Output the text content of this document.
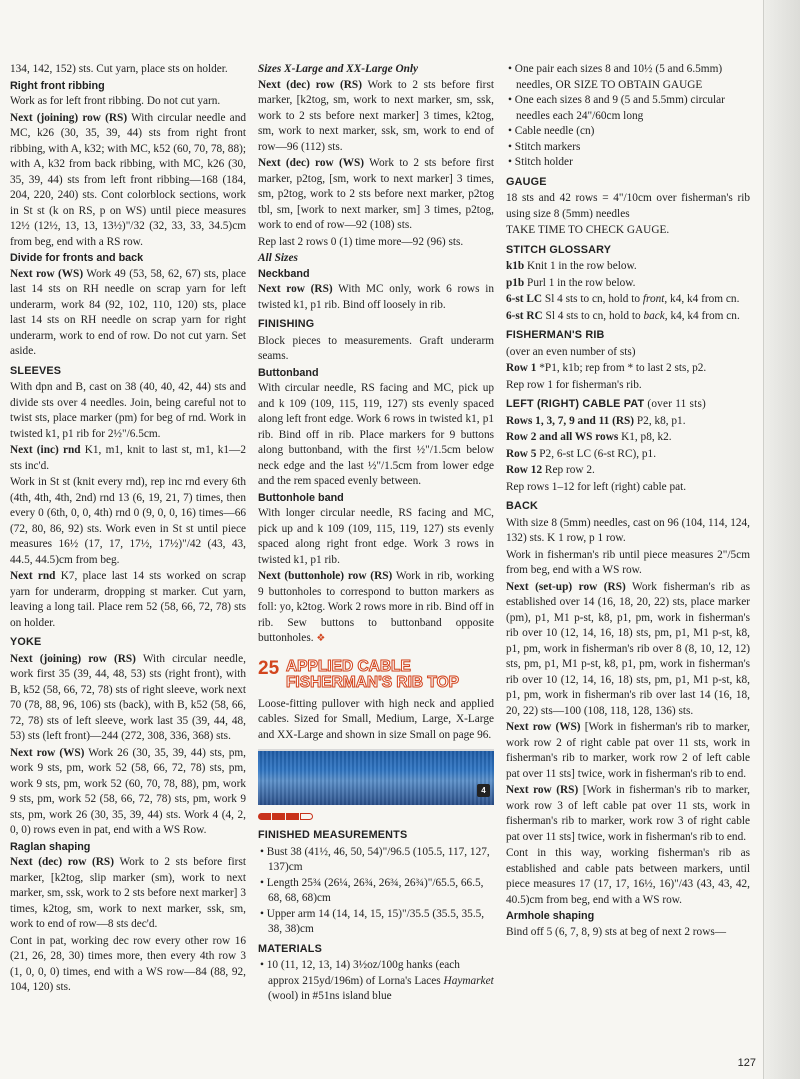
134, 142, 152) sts. Cut yarn, place sts on holder.

Right front ribbing

Work as for left front ribbing. Do not cut yarn.

Next (joining) row (RS) With circular needle and MC, k26 (30, 35, 39, 44) sts from right front ribbing, with A, k32; with MC, k52 (60, 70, 78, 88); with A, k32 from back ribbing, with MC, k26 (30, 35, 39, 44) sts from left front ribbing—168 (184, 204, 220, 240) sts. Cont colorblock sections, work in St st (k on RS, p on WS) until piece measures 12½ (12½, 13, 13, 13½)"/32 (32, 33, 33, 34.5)cm from beg, end with a RS row.

Divide for fronts and back

Next row (WS) Work 49 (53, 58, 62, 67) sts, place last 14 sts on RH needle on scrap yarn for left underarm, work 84 (92, 102, 110, 120) sts, place last 14 sts on RH needle on scrap yarn for right underarm, work to end of row. Do not cut yarn. Set aside.

SLEEVES

With dpn and B, cast on 38 (40, 40, 42, 44) sts and divide sts over 4 needles. Join, being careful not to twist sts, place marker (pm) for beg of rnd. Work in twisted k1, p1 rib for 2½"/6.5cm.

Next (inc) rnd K1, m1, knit to last st, m1, k1—2 sts inc'd.

Work in St st (knit every rnd), rep inc rnd every 6th (4th, 4th, 4th, 2nd) rnd 13 (6, 19, 21, 7) times, then every 0 (6th, 0, 0, 4th) rnd 0 (9, 0, 0, 16) times—66 (72, 80, 86, 92) sts. Work even in St st until piece measures 16½ (17, 17, 17½, 17½)"/42 (43, 43, 44.5, 44.5)cm from beg.

Next rnd K7, place last 14 sts worked on scrap yarn for underarm, dropping st marker. Cut yarn, leaving a long tail. Place rem 52 (58, 66, 72, 78) sts on holder.

YOKE

Next (joining) row (RS) With circular needle, work first 35 (39, 44, 48, 53) sts (right front), with B, k52 (58, 66, 72, 78) sts of right sleeve, work next 70 (78, 88, 96, 106) sts (back), with B, k52 (58, 66, 72, 78) sts of left sleeve, work last 35 (39, 44, 48, 53) sts (left front)—244 (272, 308, 336, 368) sts.

Next row (WS) Work 26 (30, 35, 39, 44) sts, pm, work 9 sts, pm, work 52 (58, 66, 72, 78) sts, pm, work 9 sts, pm, work 52 (60, 70, 78, 88), pm, work 9 sts, pm, work 52 (58, 66, 72, 78) sts, pm, work 9 sts, pm, work 26 (30, 35, 39, 44) sts. Work 4 (4, 2, 0, 0) rows even in pat, end with a WS Row.

Raglan shaping

Next (dec) row (RS) Work to 2 sts before first marker, [k2tog, slip marker (sm), work to next marker, sm, ssk, work to 2 sts before next marker] 3 times, k2tog, sm, work to next marker, ssk, sm, work to end of row—8 sts dec'd.

Cont in pat, working dec row every other row 16 (21, 26, 28, 30) times more, then every 4th row 3 (1, 0, 0, 0) times, end with a WS row—84 (88, 92, 104, 120) sts.

Sizes X-Large and XX-Large Only

Next (dec) row (RS) Work to 2 sts before first marker, [k2tog, sm, work to next marker, sm, ssk, work to 2 sts before next marker] 3 times, k2tog, sm, work to next marker, ssk, sm, work to end of row—96 (112) sts.

Next (dec) row (WS) Work to 2 sts before first marker, p2tog, [sm, work to next marker] 3 times, sm, p2tog, work to 2 sts before next marker, p2tog tbl, sm, [work to next marker, sm] 3 times, p2tog, work to end of row—92 (108) sts.

Rep last 2 rows 0 (1) time more—92 (96) sts.

All Sizes
Neckband

Next row (RS) With MC only, work 6 rows in twisted k1, p1 rib. Bind off loosely in rib.

FINISHING

Block pieces to measurements. Graft underarm seams.

Buttonband

With circular needle, RS facing and MC, pick up and k 109 (109, 115, 119, 127) sts evenly spaced along left front edge. Work 6 rows in twisted k1, p1 rib. Bind off in rib. Place markers for 9 buttons along buttonband, with the first ½"/1.5cm below neck edge and the last ½"/1.5cm from lower edge and the rem spaced evenly between.

Buttonhole band

With longer circular needle, RS facing and MC, pick up and k 109 (109, 115, 119, 127) sts evenly spaced along right front edge. Work 3 rows in twisted k1, p1 rib.

Next (buttonhole) row (RS) Work in rib, working 9 buttonholes to correspond to button markers as foll: yo, k2tog. Work 2 rows more in rib. Bind off in rib. Sew buttons to buttonband opposite buttonholes. ❖

25 APPLIED CABLE
FISHERMAN'S RIB TOP

Loose-fitting pullover with high neck and applied cables. Sized for Small, Medium, Large, X-Large and XX-Large and shown in size Small on page 96.

4
FINISHED MEASUREMENTS
• Bust 38 (41½, 46, 50, 54)"/96.5 (105.5, 117, 127, 137)cm
• Length 25¾ (26¼, 26¾, 26¾, 26¾)"/65.5, 66.5, 68, 68, 68)cm
• Upper arm 14 (14, 14, 15, 15)"/35.5 (35.5, 35.5, 38, 38)cm
MATERIALS
• 10 (11, 12, 13, 14) 3½oz/100g hanks (each approx 215yd/196m) of Lorna's Laces Haymarket (wool) in #51ns island blue
• One pair each sizes 8 and 10½ (5 and 6.5mm) needles, OR SIZE TO OBTAIN GAUGE
• One each sizes 8 and 9 (5 and 5.5mm) circular needles each 24"/60cm long
• Cable needle (cn)
• Stitch markers
• Stitch holder
GAUGE

18 sts and 42 rows = 4"/10cm over fisherman's rib using size 8 (5mm) needles

TAKE TIME TO CHECK GAUGE.

STITCH GLOSSARY

k1b Knit 1 in the row below.

p1b Purl 1 in the row below.

6-st LC Sl 4 sts to cn, hold to front, k4, k4 from cn.

6-st RC Sl 4 sts to cn, hold to back, k4, k4 from cn.

FISHERMAN'S RIB

(over an even number of sts)

Row 1 *P1, k1b; rep from * to last 2 sts, p2.

Rep row 1 for fisherman's rib.

LEFT (RIGHT) CABLE PAT (over 11 sts)

Rows 1, 3, 7, 9 and 11 (RS) P2, k8, p1.

Row 2 and all WS rows K1, p8, k2.

Row 5 P2, 6-st LC (6-st RC), p1.

Row 12 Rep row 2.

Rep rows 1–12 for left (right) cable pat.

BACK

With size 8 (5mm) needles, cast on 96 (104, 114, 124, 132) sts. K 1 row, p 1 row.

Work in fisherman's rib until piece measures 2"/5cm from beg, end with a WS row.

Next (set-up) row (RS) Work fisherman's rib as established over 14 (16, 18, 20, 22) sts, place marker (pm), p1, M1 p-st, k8, p1, pm, work in fisherman's rib over 10 (12, 14, 16, 18) sts, pm, p1, M1 p-st, k8, p1, pm, work in fisherman's rib over 8 (8, 10, 12, 12) sts, pm, p1, M1 p-st, k8, p1, pm, work in fisherman's rib over 10 (12, 14, 16, 18) sts, pm, p1, M1 p-st, k8, p1, pm, work in fisherman's rib over last 14 (16, 18, 20, 22) sts—100 (108, 118, 128, 136) sts.

Next row (WS) [Work in fisherman's rib to marker, work row 2 of right cable pat over 11 sts, work in fisherman's rib to marker, work row 2 of left cable pat over 11 sts] twice, work in fisherman's rib to end.

Next row (RS) [Work in fisherman's rib to marker, work row 3 of left cable pat over 11 sts, work in fisherman's rib to marker, work row 3 of right cable pat over 11 sts] twice, work in fisherman's rib to end.

Cont in this way, working fisherman's rib as established and cable pats between markers, until piece measures 17 (17, 17, 16½, 16)"/43 (43, 43, 42, 40.5)cm from beg, end with a WS row.

Armhole shaping

Bind off 5 (6, 7, 8, 9) sts at beg of next 2 rows—

127
